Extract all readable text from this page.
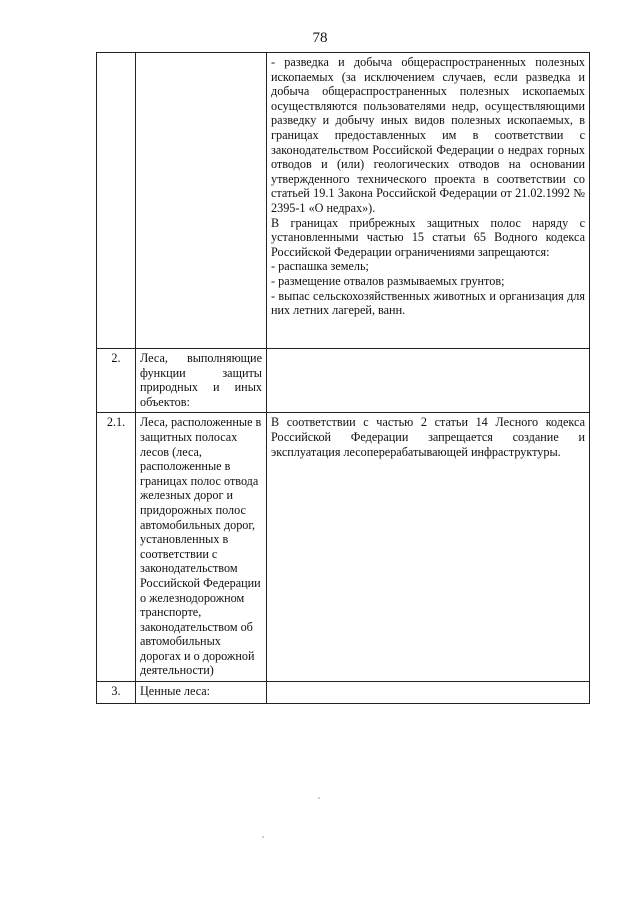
78

		- разведка и добыча общераспространенных полезных ископаемых (за исключением случаев, если разведка и добыча общераспространенных полезных ископаемых осуществляются пользователями недр, осуществляющими разведку и добычу иных видов полезных ископаемых, в границах предоставленных им в соответствии с законодательством Российской Федерации о недрах горных отводов и (или) геологических отводов на основании утвержденного технического проекта в соответствии со статьей 19.1 Закона Российской Федерации от 21.02.1992 № 2395-1 «О недрах»).

В границах прибрежных защитных полос наряду с установленными частью 15 статьи 65 Водного кодекса Российской Федерации ограничениями запрещаются:

- распашка земель;

- размещение отвалов размываемых грунтов;

- выпас сельскохозяйственных животных и организация для них летних лагерей, ванн.

2.	Леса, выполняющие функции защиты природных и иных объектов:	
2.1.	Леса, расположенные в защитных полосах лесов (леса, расположенные в границах полос отвода железных дорог и придорожных полос автомобильных дорог, установленных в соответствии с законодательством Российской Федерации о железнодорожном транспорте, законодательством об автомобильных дорогах и о дорожной деятельности)	В соответствии с частью 2 статьи 14 Лесного кодекса Российской Федерации запрещается создание и эксплуатация лесоперерабатывающей инфраструктуры.

3.	Ценные леса:	
